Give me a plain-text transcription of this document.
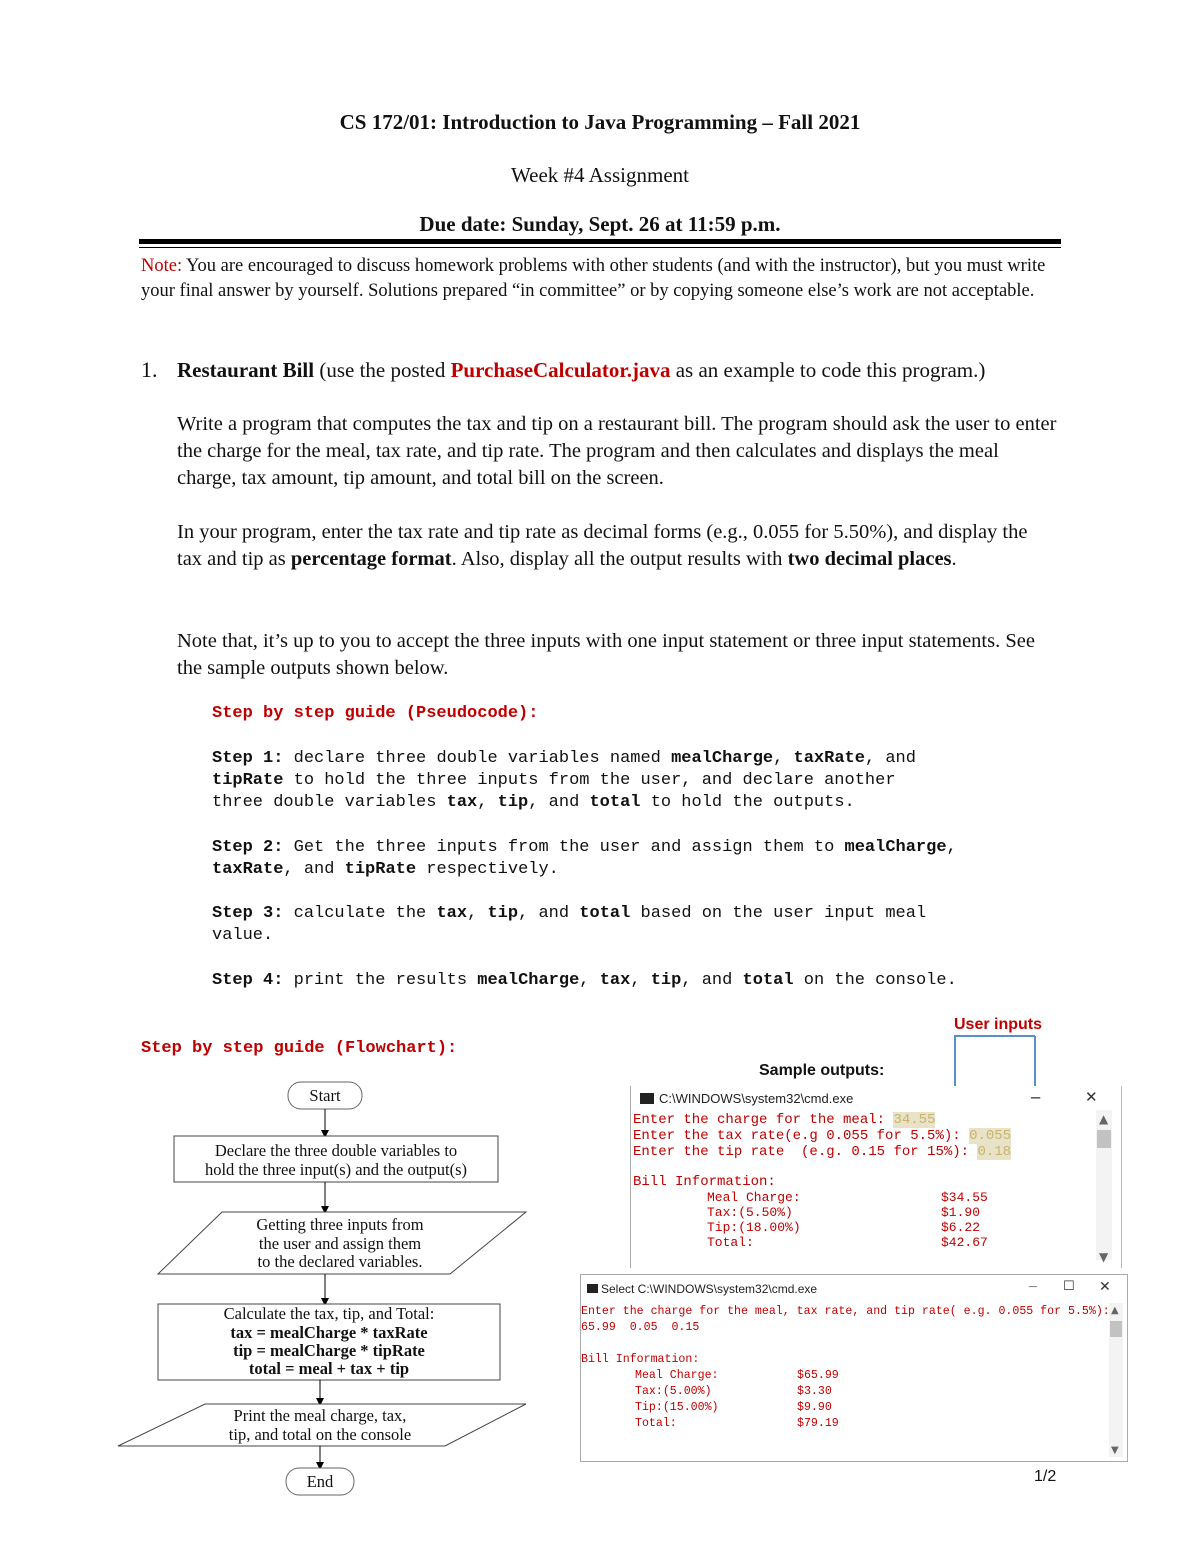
CS 172/01: Introduction to Java Programming – Fall 2021
Week #4 Assignment
Due date: Sunday, Sept. 26 at 11:59 p.m.
Note: You are encouraged to discuss homework problems with other students (and with the instructor), but you must write your final answer by yourself. Solutions prepared “in committee” or by copying someone else’s work are not acceptable.
1. Restaurant Bill (use the posted PurchaseCalculator.java as an example to code this program.)
Write a program that computes the tax and tip on a restaurant bill. The program should ask the user to enter the charge for the meal, tax rate, and tip rate. The program and then calculates and displays the meal charge, tax amount, tip amount, and total bill on the screen.
In your program, enter the tax rate and tip rate as decimal forms (e.g., 0.055 for 5.50%), and display the tax and tip as percentage format. Also, display all the output results with two decimal places.
Note that, it’s up to you to accept the three inputs with one input statement or three input statements. See the sample outputs shown below.
Step by step guide (Pseudocode):
Step 1: declare three double variables named mealCharge, taxRate, and
tipRate to hold the three inputs from the user, and declare another
three double variables tax, tip, and total to hold the outputs.
Step 2: Get the three inputs from the user and assign them to mealCharge,
taxRate, and tipRate respectively.
Step 3: calculate the tax, tip, and total based on the user input meal
value.
Step 4: print the results mealCharge, tax, tip, and total on the console.
Step by step guide (Flowchart):
Start
Declare the three double variables to
hold the three input(s) and the output(s)
Getting three inputs from
the user and assign them
to the declared variables.
Calculate the tax, tip, and Total:
tax = mealCharge * taxRate
tip = mealCharge * tipRate
total = meal + tax + tip
Print the meal charge, tax,
tip, and total on the console
End
User inputs
Sample outputs:
C:\WINDOWS\system32\cmd.exe	─	✕
▲
▼
Enter the charge for the meal: 34.55
Enter the tax rate(e.g 0.055 for 5.5%): 0.055
Enter the tip rate  (e.g. 0.15 for 15%): 0.18
Bill Information:
Meal Charge:	$34.55
Tax:(5.50%)	$1.90
Tip:(18.00%)	$6.22
Total:	$42.67
Select C:\WINDOWS\system32\cmd.exe	─ ☐ ✕
▲
▼
Enter the charge for the meal, tax rate, and tip rate( e.g. 0.055 for 5.5%):
65.99  0.05  0.15
Bill Information:
Meal Charge:	$65.99
Tax:(5.00%)	$3.30
Tip:(15.00%)	$9.90
Total:	$79.19
1/2
